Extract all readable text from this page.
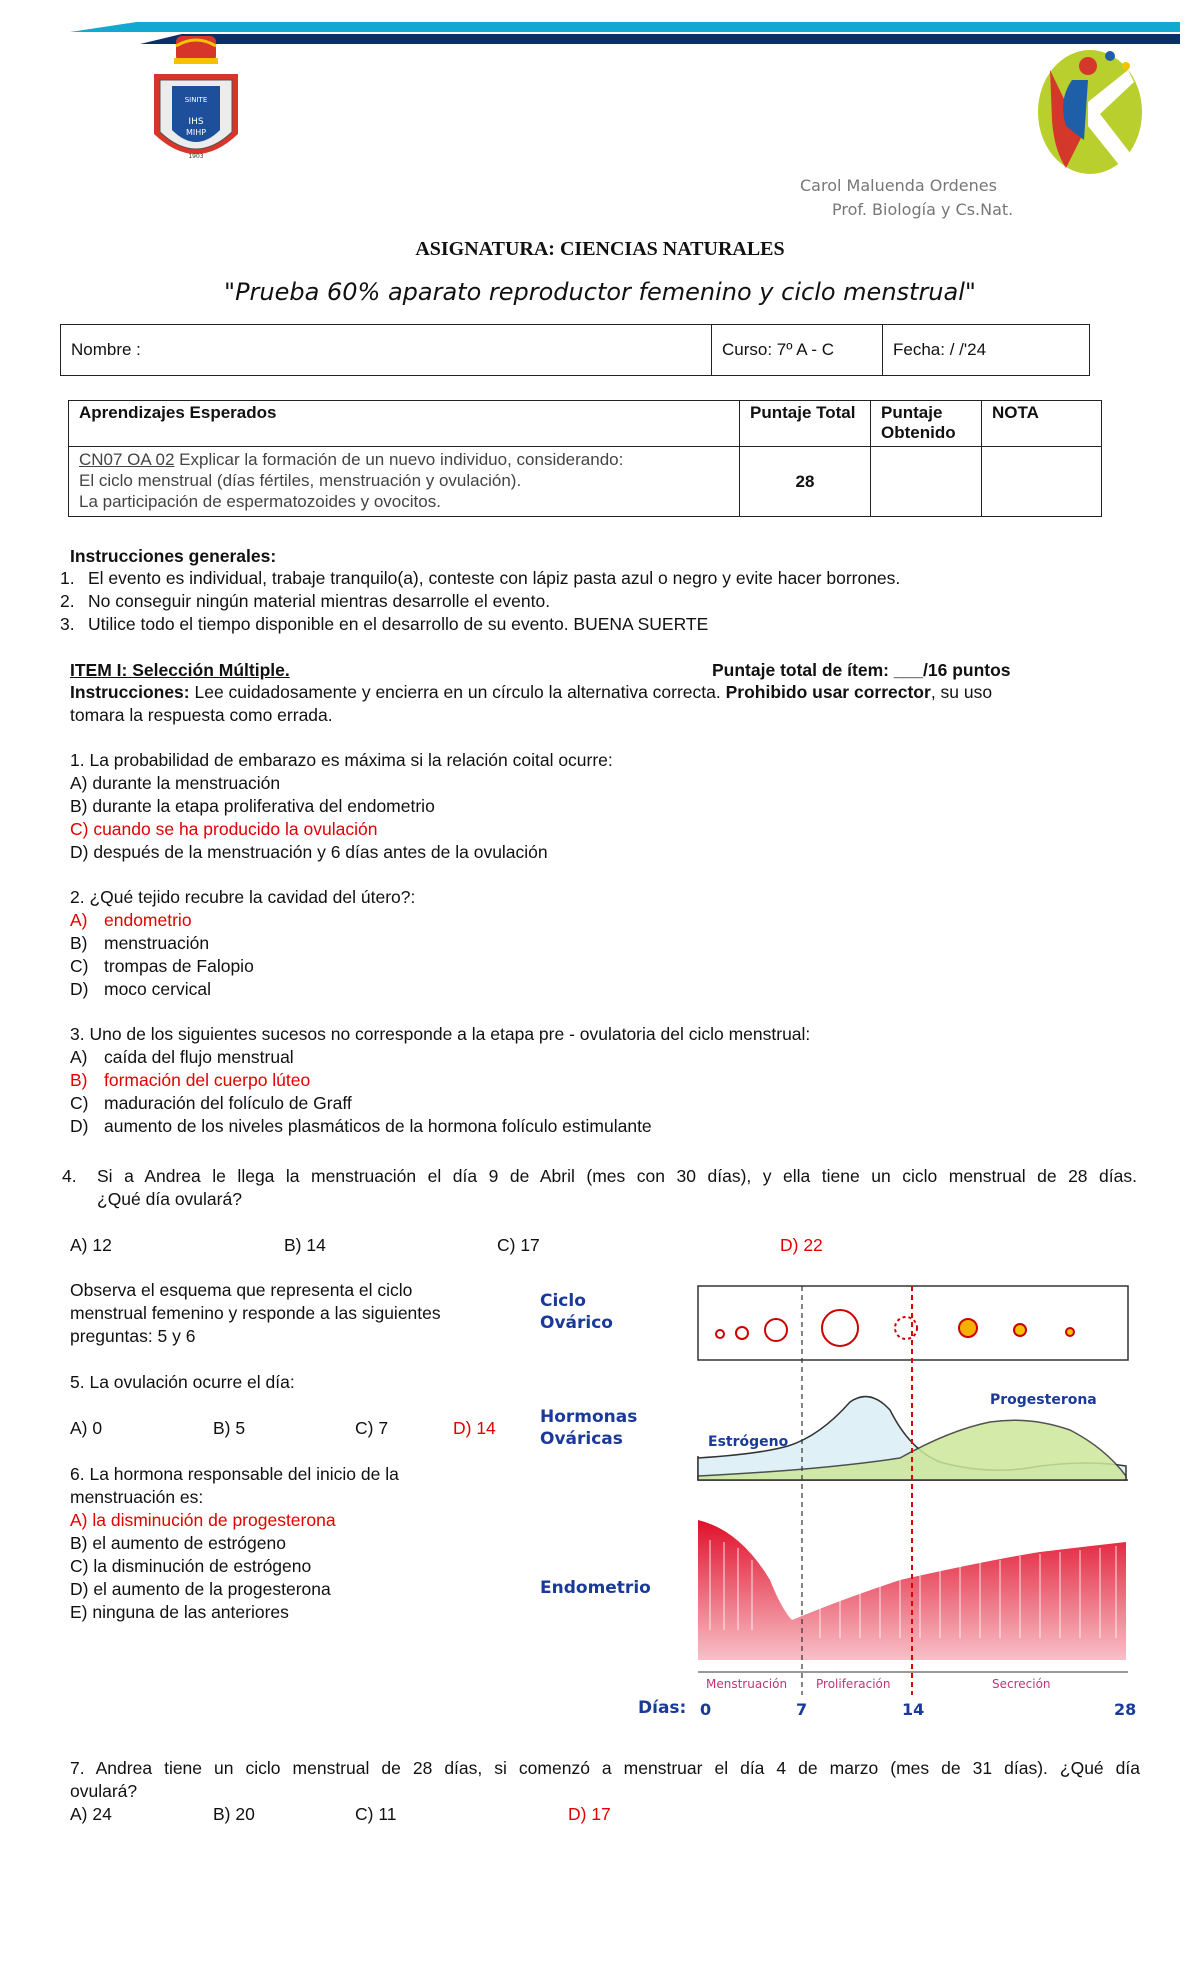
SINITE
IHS
MIHP
1903
Carol Maluenda Ordenes
Prof. Biología y Cs.Nat.
ASIGNATURA: CIENCIAS NATURALES
"Prueba 60% aparato reproductor femenino y ciclo menstrual"
Nombre :	Curso: 7º A - C	Fecha: / /'24
Aprendizajes Esperados	Puntaje Total	Puntaje Obtenido	NOTA
CN07 OA 02 Explicar la formación de un nuevo individuo, considerando:
El ciclo menstrual (días fértiles, menstruación y ovulación).
La participación de espermatozoides y ovocitos.	28		
Instrucciones generales:
1. El evento es individual, trabaje tranquilo(a), conteste con lápiz pasta azul o negro y evite hacer borrones.
2. No conseguir ningún material mientras desarrolle el evento.
3. Utilice todo el tiempo disponible en el desarrollo de su evento. BUENA SUERTE
ITEM I: Selección Múltiple.	Puntaje total de ítem: ___/16 puntos
Instrucciones: Lee cuidadosamente y encierra en un círculo la alternativa correcta. Prohibido usar corrector, su uso
tomara la respuesta como errada.
1. La probabilidad de embarazo es máxima si la relación coital ocurre:
A) durante la menstruación
B) durante la etapa proliferativa del endometrio
C) cuando se ha producido la ovulación
D) después de la menstruación y 6 días antes de la ovulación
2. ¿Qué tejido recubre la cavidad del útero?:
A) endometrio
B) menstruación
C) trompas de Falopio
D) moco cervical
3. Uno de los siguientes sucesos no corresponde a la etapa pre - ovulatoria del ciclo menstrual:
A) caída del flujo menstrual
B) formación del cuerpo lúteo
C) maduración del folículo de Graff
D) aumento de los niveles plasmáticos de la hormona folículo estimulante
4. Si a Andrea le llega la menstruación el día 9 de Abril (mes con 30 días), y ella tiene un ciclo menstrual de 28 días.
¿Qué día ovulará?
A) 12	B) 14	C) 17	D) 22
Observa el esquema que representa el ciclo
menstrual femenino y responde a las siguientes
preguntas: 5 y 6
5. La ovulación ocurre el día:
A) 0	B) 5	C) 7	D) 14
6. La hormona responsable del inicio de la
menstruación es:
A) la disminución de progesterona
B) el aumento de estrógeno
C) la disminución de estrógeno
D) el aumento de la progesterona
E) ninguna de las anteriores
Ciclo
Ovárico
Hormonas
Ováricas
Endometrio
Días:
Estrógeno
Progesterona
Menstruación Proliferación	Secreción
0	7	14	28
7. Andrea tiene un ciclo menstrual de 28 días, si comenzó a menstruar el día 4 de marzo (mes de 31 días). ¿Qué día
ovulará?
A) 24	B) 20	C) 11	D) 17
